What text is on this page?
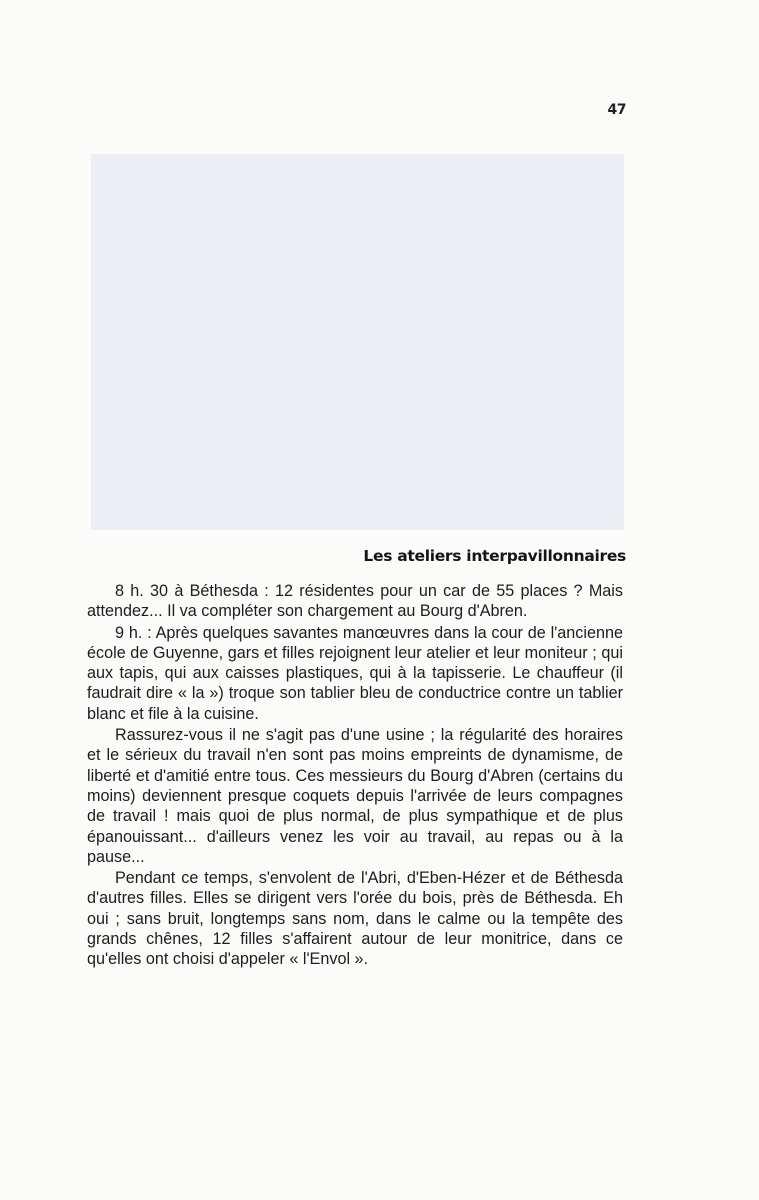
47
Les ateliers interpavillonnaires

8 h. 30 à Béthesda : 12 résidentes pour un car de 55 places ? Mais attendez... Il va compléter son chargement au Bourg d'Abren.

9 h. : Après quelques savantes manœuvres dans la cour de l'ancienne école de Guyenne, gars et filles rejoignent leur atelier et leur moniteur ; qui aux tapis, qui aux caisses plastiques, qui à la tapisserie. Le chauffeur (il faudrait dire « la ») troque son tablier bleu de conductrice contre un tablier blanc et file à la cuisine.

Rassurez-vous il ne s'agit pas d'une usine ; la régularité des horaires et le sérieux du travail n'en sont pas moins empreints de dynamisme, de liberté et d'amitié entre tous. Ces messieurs du Bourg d'Abren (certains du moins) deviennent presque coquets depuis l'arrivée de leurs compagnes de travail ! mais quoi de plus normal, de plus sympathique et de plus épanouissant... d'ailleurs venez les voir au travail, au repas ou à la pause...

Pendant ce temps, s'envolent de l'Abri, d'Eben-Hézer et de Béthesda d'autres filles. Elles se dirigent vers l'orée du bois, près de Béthesda. Eh oui ; sans bruit, longtemps sans nom, dans le calme ou la tempête des grands chênes, 12 filles s'affairent autour de leur monitrice, dans ce qu'elles ont choisi d'appeler « l'Envol ».
